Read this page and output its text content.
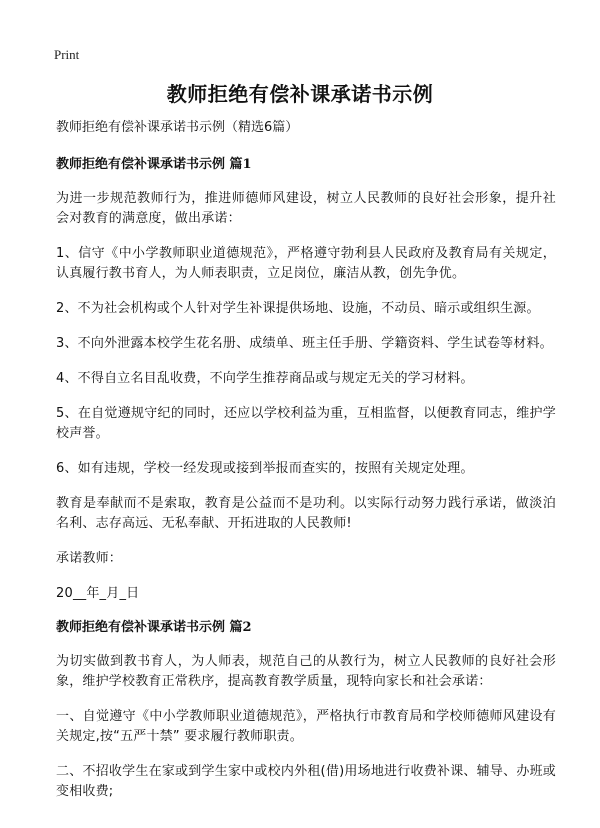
Print
教师拒绝有偿补课承诺书示例

教师拒绝有偿补课承诺书示例（精选6篇）

教师拒绝有偿补课承诺书示例 篇1

为进一步规范教师行为，推进师德师风建设，树立人民教师的良好社会形象，提升社会对教育的满意度，做出承诺：

1、信守《中小学教师职业道德规范》，严格遵守勃利县人民政府及教育局有关规定，认真履行教书育人，为人师表职责，立足岗位，廉洁从教，创先争优。

2、不为社会机构或个人针对学生补课提供场地、设施，不动员、暗示或组织生源。

3、不向外泄露本校学生花名册、成绩单、班主任手册、学籍资料、学生试卷等材料。

4、不得自立名目乱收费，不向学生推荐商品或与规定无关的学习材料。

5、在自觉遵规守纪的同时，还应以学校利益为重，互相监督，以便教育同志，维护学校声誉。

6、如有违规，学校一经发现或接到举报而查实的，按照有关规定处理。

教育是奉献而不是索取，教育是公益而不是功利。以实际行动努力践行承诺，做淡泊名利、志存高远、无私奉献、开拓进取的人民教师!

承诺教师：

20__年_月_日

教师拒绝有偿补课承诺书示例 篇2

为切实做到教书育人，为人师表，规范自己的从教行为，树立人民教师的良好社会形象，维护学校教育正常秩序，提高教育教学质量，现特向家长和社会承诺：

一、自觉遵守《中小学教师职业道德规范》，严格执行市教育局和学校师德师风建设有关规定,按“五严十禁” 要求履行教师职责。

二、不招收学生在家或到学生家中或校内外租(借)用场地进行收费补课、辅导、办班或变相收费;
